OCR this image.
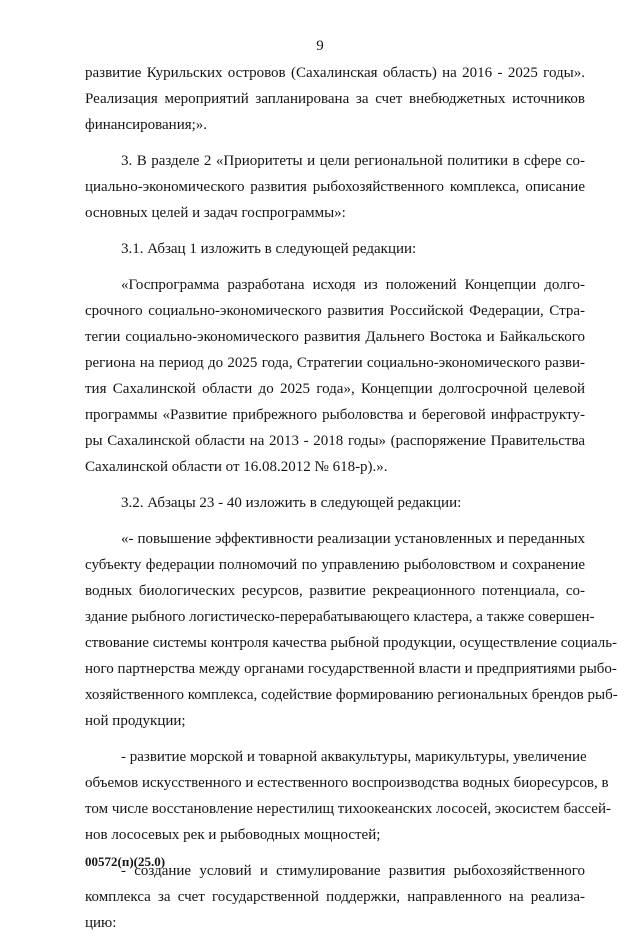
9
развитие Курильских островов (Сахалинская область) на 2016 - 2025 годы».
Реализация мероприятий запланирована за счет внебюджетных источников
финансирования;».
3. В разделе 2 «Приоритеты и цели региональной политики в сфере со-
циально-экономического развития рыбохозяйственного комплекса, описание
основных целей и задач госпрограммы»:
3.1. Абзац 1 изложить в следующей редакции:
«Госпрограмма разработана исходя из положений Концепции долго-
срочного социально-экономического развития Российской Федерации, Стра-
тегии социально-экономического развития Дальнего Востока и Байкальского
региона на период до 2025 года, Стратегии социально-экономического разви-
тия Сахалинской области до 2025 года», Концепции долгосрочной целевой
программы «Развитие прибрежного рыболовства и береговой инфраструкту-
ры Сахалинской области на 2013 - 2018 годы» (распоряжение Правительства
Сахалинской области от 16.08.2012 № 618-р).».
3.2. Абзацы 23 - 40 изложить в следующей редакции:
«- повышение эффективности реализации установленных и переданных
субъекту федерации полномочий по управлению рыболовством и сохранение
водных биологических ресурсов, развитие рекреационного потенциала, со-
здание рыбного логистическо-перерабатывающего кластера, а также совершен-
ствование системы контроля качества рыбной продукции, осуществление социаль-
ного партнерства между органами государственной власти и предприятиями рыбо-
хозяйственного комплекса, содействие формированию региональных брендов рыб-
ной продукции;
- развитие морской и товарной аквакультуры, марикультуры, увеличение
объемов искусственного и естественного воспроизводства водных биоресурсов, в
том числе восстановление нерестилищ тихоокеанских лососей, экосистем бассей-
нов лососевых рек и рыбоводных мощностей;
- создание условий и стимулирование развития рыбохозяйственного
комплекса за счет государственной поддержки, направленного на реализа-
цию:
00572(п)(25.0)
